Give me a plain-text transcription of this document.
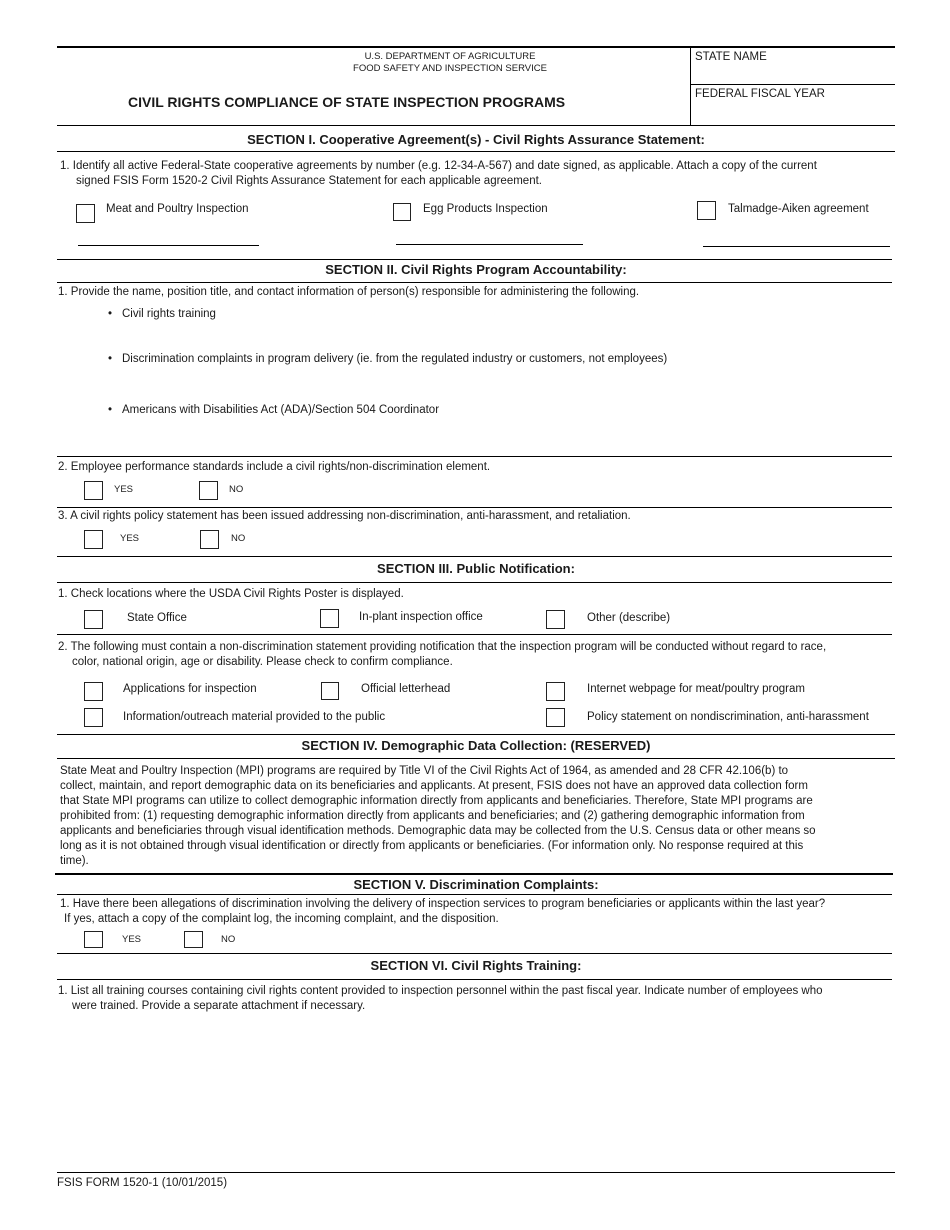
U.S. DEPARTMENT OF AGRICULTURE
FOOD SAFETY AND INSPECTION SERVICE
CIVIL RIGHTS COMPLIANCE OF STATE INSPECTION PROGRAMS
STATE NAME
FEDERAL FISCAL YEAR
SECTION I. Cooperative Agreement(s) - Civil Rights Assurance Statement:
1. Identify all active Federal-State cooperative agreements by number (e.g. 12-34-A-567) and date signed, as applicable. Attach a copy of the current
signed FSIS Form 1520-2 Civil Rights Assurance Statement for each applicable agreement.
Meat and Poultry Inspection	Egg Products Inspection	Talmadge-Aiken agreement
SECTION II. Civil Rights Program Accountability:
1. Provide the name, position title, and contact information of person(s) responsible for administering the following.
• Civil rights training
• Discrimination complaints in program delivery (ie. from the regulated industry or customers, not employees)
• Americans with Disabilities Act (ADA)/Section 504 Coordinator
2. Employee performance standards include a civil rights/non-discrimination element.
YES	NO
3. A civil rights policy statement has been issued addressing non-discrimination, anti-harassment, and retaliation.
YES	NO
SECTION III. Public Notification:
1. Check locations where the USDA Civil Rights Poster is displayed.
State Office	In-plant inspection office	Other (describe)
2. The following must contain a non-discrimination statement providing notification that the inspection program will be conducted without regard to race,
color, national origin, age or disability. Please check to confirm compliance.
Applications for inspection	Official letterhead	Internet webpage for meat/poultry program
Information/outreach material provided to the public	Policy statement on nondiscrimination, anti-harassment
SECTION IV. Demographic Data Collection: (RESERVED)
State Meat and Poultry Inspection (MPI) programs are required by Title VI of the Civil Rights Act of 1964, as amended and 28 CFR 42.106(b) to
collect, maintain, and report demographic data on its beneficiaries and applicants. At present, FSIS does not have an approved data collection form
that State MPI programs can utilize to collect demographic information directly from applicants and beneficiaries. Therefore, State MPI programs are
prohibited from: (1) requesting demographic information directly from applicants and beneficiaries; and (2) gathering demographic information from
applicants and beneficiaries through visual identification methods. Demographic data may be collected from the U.S. Census data or other means so
long as it is not obtained through visual identification or directly from applicants or beneficiaries. (For information only. No response required at this
time).
SECTION V. Discrimination Complaints:
1. Have there been allegations of discrimination involving the delivery of inspection services to program beneficiaries or applicants within the last year?
If yes, attach a copy of the complaint log, the incoming complaint, and the disposition.
YES	NO
SECTION VI. Civil Rights Training:
1. List all training courses containing civil rights content provided to inspection personnel within the past fiscal year. Indicate number of employees who
were trained. Provide a separate attachment if necessary.
FSIS FORM 1520-1 (10/01/2015)
